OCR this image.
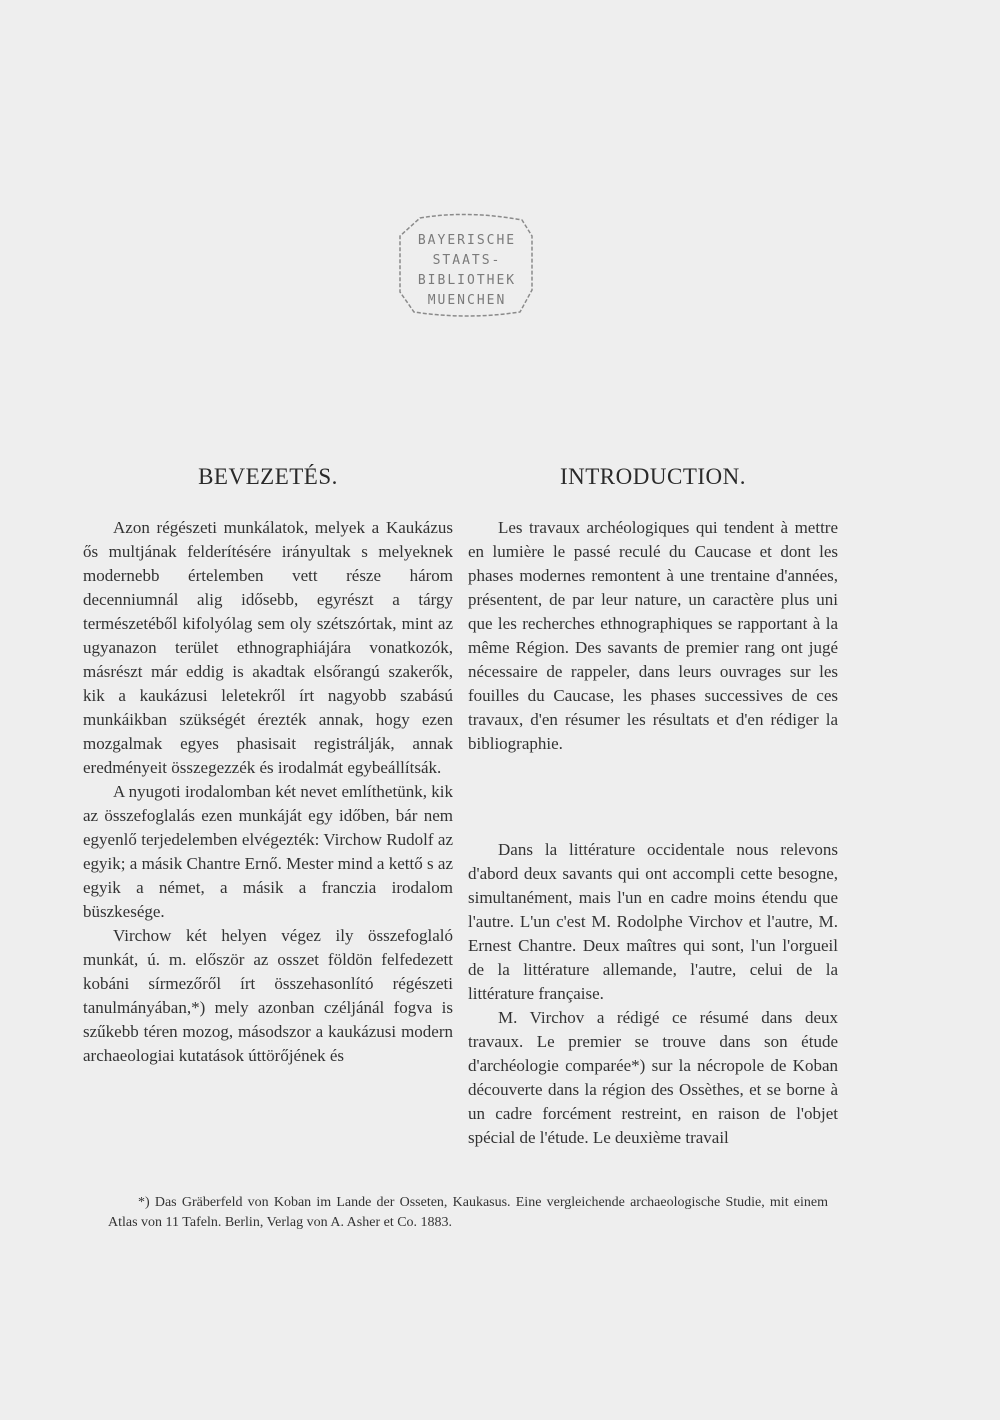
BAYERISCHE
STAATS-
BIBLIOTHEK
MUENCHEN
BEVEZETÉS.

Azon régészeti munkálatok, melyek a Kaukázus ős multjának felderítésére irányultak s melyeknek modernebb értelemben vett része három decenniumnál alig idősebb, egyrészt a tárgy természetéből kifolyólag sem oly szétszórtak, mint az ugyanazon terület ethnographiájára vonatkozók, másrészt már eddig is akadtak elsőrangú szakerők, kik a kaukázusi leletekről írt nagyobb szabású munkáikban szükségét érezték annak, hogy ezen mozgalmak egyes phasisait registrálják, annak eredményeit összegezzék és irodalmát egybeállítsák.

A nyugoti irodalomban két nevet említhetünk, kik az összefoglalás ezen munkáját egy időben, bár nem egyenlő terjedelemben elvégezték: Virchow Rudolf az egyik; a másik Chantre Ernő. Mester mind a kettő s az egyik a német, a másik a franczia irodalom büszkesége.

Virchow két helyen végez ily összefoglaló munkát, ú. m. először az osszet földön felfedezett kobáni sírmezőről írt összehasonlító régészeti tanulmányában,*) mely azonban czéljánál fogva is szűkebb téren mozog, másodszor a kaukázusi modern archaeologiai kutatások úttörőjének és

INTRODUCTION.

Les travaux archéologiques qui tendent à mettre en lumière le passé reculé du Caucase et dont les phases modernes remontent à une trentaine d'années, présentent, de par leur nature, un caractère plus uni que les recherches ethnographiques se rapportant à la même Région. Des savants de premier rang ont jugé nécessaire de rappeler, dans leurs ouvrages sur les fouilles du Caucase, les phases successives de ces travaux, d'en résumer les résultats et d'en rédiger la bibliographie.

Dans la littérature occidentale nous relevons d'abord deux savants qui ont accompli cette besogne, simultanément, mais l'un en cadre moins étendu que l'autre. L'un c'est M. Rodolphe Virchov et l'autre, M. Ernest Chantre. Deux maîtres qui sont, l'un l'orgueil de la littérature allemande, l'autre, celui de la littérature française.

M. Virchov a rédigé ce résumé dans deux travaux. Le premier se trouve dans son étude d'archéologie comparée*) sur la nécropole de Koban découverte dans la région des Ossèthes, et se borne à un cadre forcément restreint, en raison de l'objet spécial de l'étude. Le deuxième travail

*) Das Gräberfeld von Koban im Lande der Osseten, Kaukasus. Eine vergleichende archaeologische Studie, mit einem Atlas von 11 Tafeln. Berlin, Verlag von A. Asher et Co. 1883.
